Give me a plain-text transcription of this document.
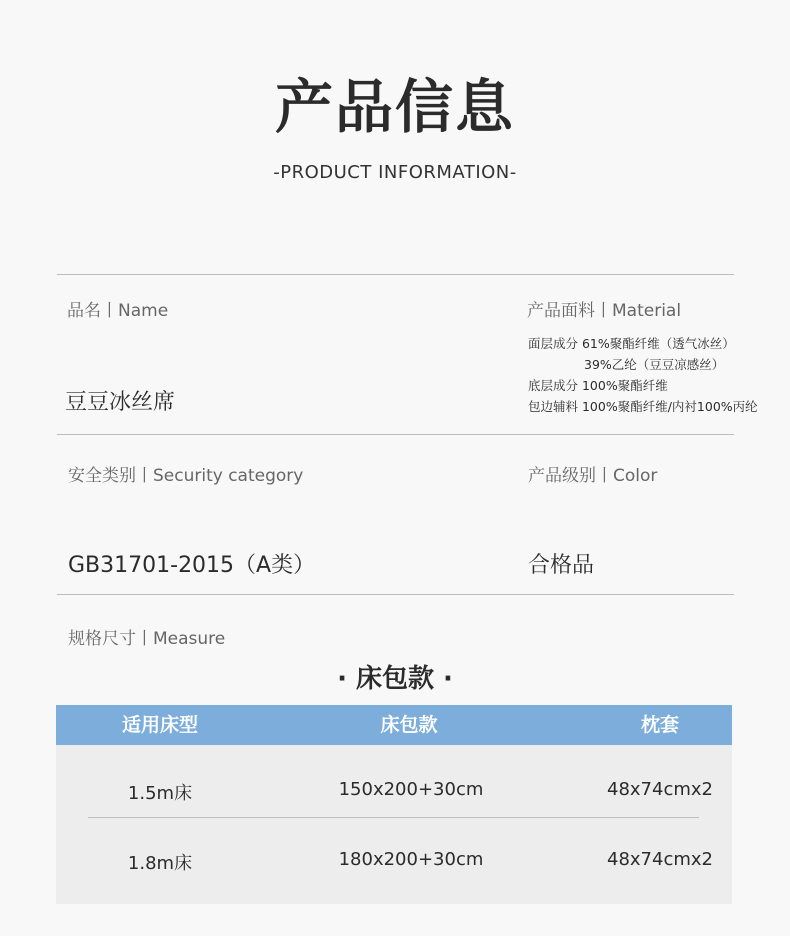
产品信息
-PRODUCT INFORMATION-
品名丨Name
豆豆冰丝席
产品面料丨Material
面层成分 61%聚酯纤维（透气冰丝）
39%乙纶（豆豆凉感丝）
底层成分 100%聚酯纤维
包边辅料 100%聚酯纤维/内衬100%丙纶
安全类别丨Security category
GB31701-2015（A类）
产品级别丨Color
合格品
规格尺寸丨Measure
· 床包款 ·
适用床型	床包款	枕套
1.5m床	150x200+30cm	48x74cmx2
1.8m床	180x200+30cm	48x74cmx2
